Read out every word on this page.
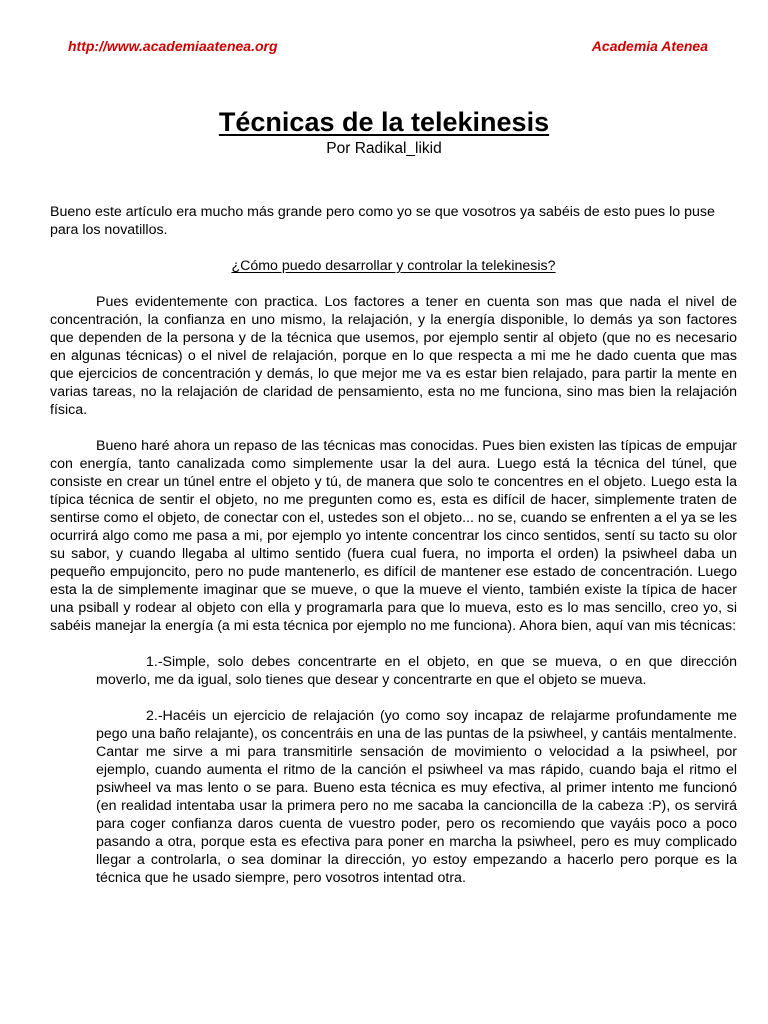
http://www.academiaatenea.org	Academia Atenea
Técnicas de la telekinesis
Por Radikal_likid

Bueno este artículo era mucho más grande pero como yo se que vosotros ya sabéis de esto pues lo puse para los novatillos.

¿Cómo puedo desarrollar y controlar la telekinesis?

Pues evidentemente con practica. Los factores a tener en cuenta son mas que nada el nivel de concentración, la confianza en uno mismo, la relajación, y la energía disponible, lo demás ya son factores que dependen de la persona y de la técnica que usemos, por ejemplo sentir al objeto (que no es necesario en algunas técnicas) o el nivel de relajación, porque en lo que respecta a mi me he dado cuenta que mas que ejercicios de concentración y demás, lo que mejor me va es estar bien relajado, para partir la mente en varias tareas, no la relajación de claridad de pensamiento, esta no me funciona, sino mas bien la relajación física.

Bueno haré ahora un repaso de las técnicas mas conocidas. Pues bien existen las típicas de empujar con energía, tanto canalizada como simplemente usar la del aura. Luego está la técnica del túnel, que consiste en crear un túnel entre el objeto y tú, de manera que solo te concentres en el objeto. Luego esta la típica técnica de sentir el objeto, no me pregunten como es, esta es difícil de hacer, simplemente traten de sentirse como el objeto, de conectar con el, ustedes son el objeto... no se, cuando se enfrenten a el ya se les ocurrirá algo como me pasa a mi, por ejemplo yo intente concentrar los cinco sentidos, sentí su tacto su olor su sabor, y cuando llegaba al ultimo sentido (fuera cual fuera, no importa el orden) la psiwheel daba un pequeño empujoncito, pero no pude mantenerlo, es difícil de mantener ese estado de concentración. Luego esta la de simplemente imaginar que se mueve, o que la mueve el viento, también existe la típica de hacer una psiball y rodear al objeto con ella y programarla para que lo mueva, esto es lo mas sencillo, creo yo, si sabéis manejar la energía (a mi esta técnica por ejemplo no me funciona). Ahora bien, aquí van mis técnicas:

1.-Simple, solo debes concentrarte en el objeto, en que se mueva, o en que dirección moverlo, me da igual, solo tienes que desear y concentrarte en que el objeto se mueva.

2.-Hacéis un ejercicio de relajación (yo como soy incapaz de relajarme profundamente me pego una baño relajante), os concentráis en una de las puntas de la psiwheel, y cantáis mentalmente. Cantar me sirve a mi para transmitirle sensación de movimiento o velocidad a la psiwheel, por ejemplo, cuando aumenta el ritmo de la canción el psiwheel va mas rápido, cuando baja el ritmo el psiwheel va mas lento o se para. Bueno esta técnica es muy efectiva, al primer intento me funcionó (en realidad intentaba usar la primera pero no me sacaba la cancioncilla de la cabeza :P), os servirá para coger confianza daros cuenta de vuestro poder, pero os recomiendo que vayáis poco a poco pasando a otra, porque esta es efectiva para poner en marcha la psiwheel, pero es muy complicado llegar a controlarla, o sea dominar la dirección, yo estoy empezando a hacerlo pero porque es la técnica que he usado siempre, pero vosotros intentad otra.
